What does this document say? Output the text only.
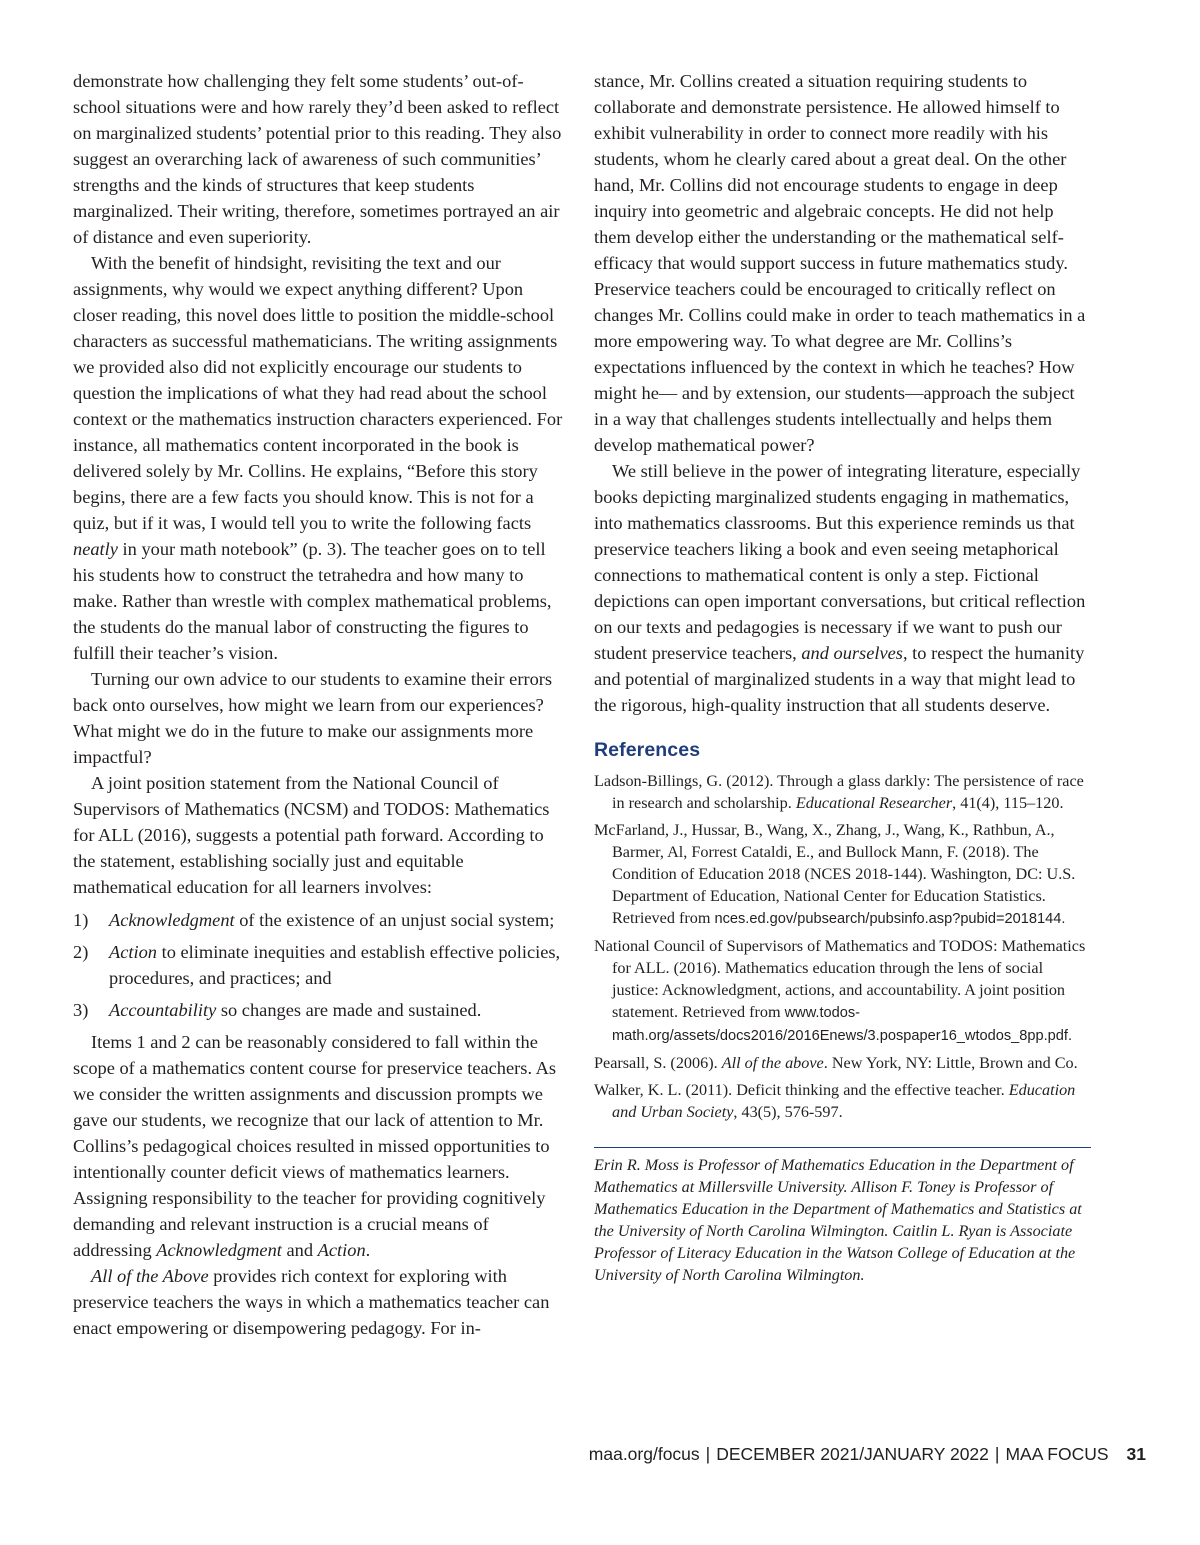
demonstrate how challenging they felt some students’ out-of-school situations were and how rarely they’d been asked to reflect on marginalized students’ potential prior to this reading. They also suggest an overarching lack of awareness of such communities’ strengths and the kinds of structures that keep students marginalized. Their writing, therefore, sometimes portrayed an air of distance and even superiority.

With the benefit of hindsight, revisiting the text and our assignments, why would we expect anything different? Upon closer reading, this novel does little to position the middle-school characters as successful mathematicians. The writing assignments we provided also did not explicitly encourage our students to question the implications of what they had read about the school context or the mathematics instruction characters experienced. For instance, all mathematics content incorporated in the book is delivered solely by Mr. Collins. He explains, “Before this story begins, there are a few facts you should know. This is not for a quiz, but if it was, I would tell you to write the following facts neatly in your math notebook” (p. 3). The teacher goes on to tell his students how to construct the tetrahedra and how many to make. Rather than wrestle with complex mathematical problems, the students do the manual labor of constructing the figures to fulfill their teacher’s vision.

Turning our own advice to our students to examine their errors back onto ourselves, how might we learn from our experiences? What might we do in the future to make our assignments more impactful?

A joint position statement from the National Council of Supervisors of Mathematics (NCSM) and TODOS: Mathematics for ALL (2016), suggests a potential path forward. According to the statement, establishing socially just and equitable mathematical education for all learners involves:

1) Acknowledgment of the existence of an unjust social system;
2) Action to eliminate inequities and establish effective policies, procedures, and practices; and
3) Accountability so changes are made and sustained.

Items 1 and 2 can be reasonably considered to fall within the scope of a mathematics content course for preservice teachers. As we consider the written assignments and discussion prompts we gave our students, we recognize that our lack of attention to Mr. Collins’s pedagogical choices resulted in missed opportunities to intentionally counter deficit views of mathematics learners. Assigning responsibility to the teacher for providing cognitively demanding and relevant instruction is a crucial means of addressing Acknowledgment and Action.

All of the Above provides rich context for exploring with preservice teachers the ways in which a mathematics teacher can enact empowering or disempowering pedagogy. For in-

stance, Mr. Collins created a situation requiring students to collaborate and demonstrate persistence. He allowed himself to exhibit vulnerability in order to connect more readily with his students, whom he clearly cared about a great deal. On the other hand, Mr. Collins did not encourage students to engage in deep inquiry into geometric and algebraic concepts. He did not help them develop either the understanding or the mathematical self-efficacy that would support success in future mathematics study. Preservice teachers could be encouraged to critically reflect on changes Mr. Collins could make in order to teach mathematics in a more empowering way. To what degree are Mr. Collins’s expectations influenced by the context in which he teaches? How might he— and by extension, our students—approach the subject in a way that challenges students intellectually and helps them develop mathematical power?

We still believe in the power of integrating literature, especially books depicting marginalized students engaging in mathematics, into mathematics classrooms. But this experience reminds us that preservice teachers liking a book and even seeing metaphorical connections to mathematical content is only a step. Fictional depictions can open important conversations, but critical reflection on our texts and pedagogies is necessary if we want to push our student preservice teachers, and ourselves, to respect the humanity and potential of marginalized students in a way that might lead to the rigorous, high-quality instruction that all students deserve.

References
Ladson-Billings, G. (2012). Through a glass darkly: The persistence of race in research and scholarship. Educational Researcher, 41(4), 115–120.
McFarland, J., Hussar, B., Wang, X., Zhang, J., Wang, K., Rathbun, A., Barmer, Al, Forrest Cataldi, E., and Bullock Mann, F. (2018). The Condition of Education 2018 (NCES 2018-144). Washington, DC: U.S. Department of Education, National Center for Education Statistics. Retrieved from nces.ed.gov/pubsearch/pubsinfo.asp?pubid=2018144.
National Council of Supervisors of Mathematics and TODOS: Mathematics for ALL. (2016). Mathematics education through the lens of social justice: Acknowledgment, actions, and accountability. A joint position statement. Retrieved from www.todos-math.org/assets/docs2016/2016Enews/3.pospaper16_wtodos_8pp.pdf.
Pearsall, S. (2006). All of the above. New York, NY: Little, Brown and Co.
Walker, K. L. (2011). Deficit thinking and the effective teacher. Education and Urban Society, 43(5), 576-597.
Erin R. Moss is Professor of Mathematics Education in the Department of Mathematics at Millersville University. Allison F. Toney is Professor of Mathematics Education in the Department of Mathematics and Statistics at the University of North Carolina Wilmington. Caitlin L. Ryan is Associate Professor of Literacy Education in the Watson College of Education at the University of North Carolina Wilmington.
maa.org/focus | DECEMBER 2021/JANUARY 2022 | MAA FOCUS 31
